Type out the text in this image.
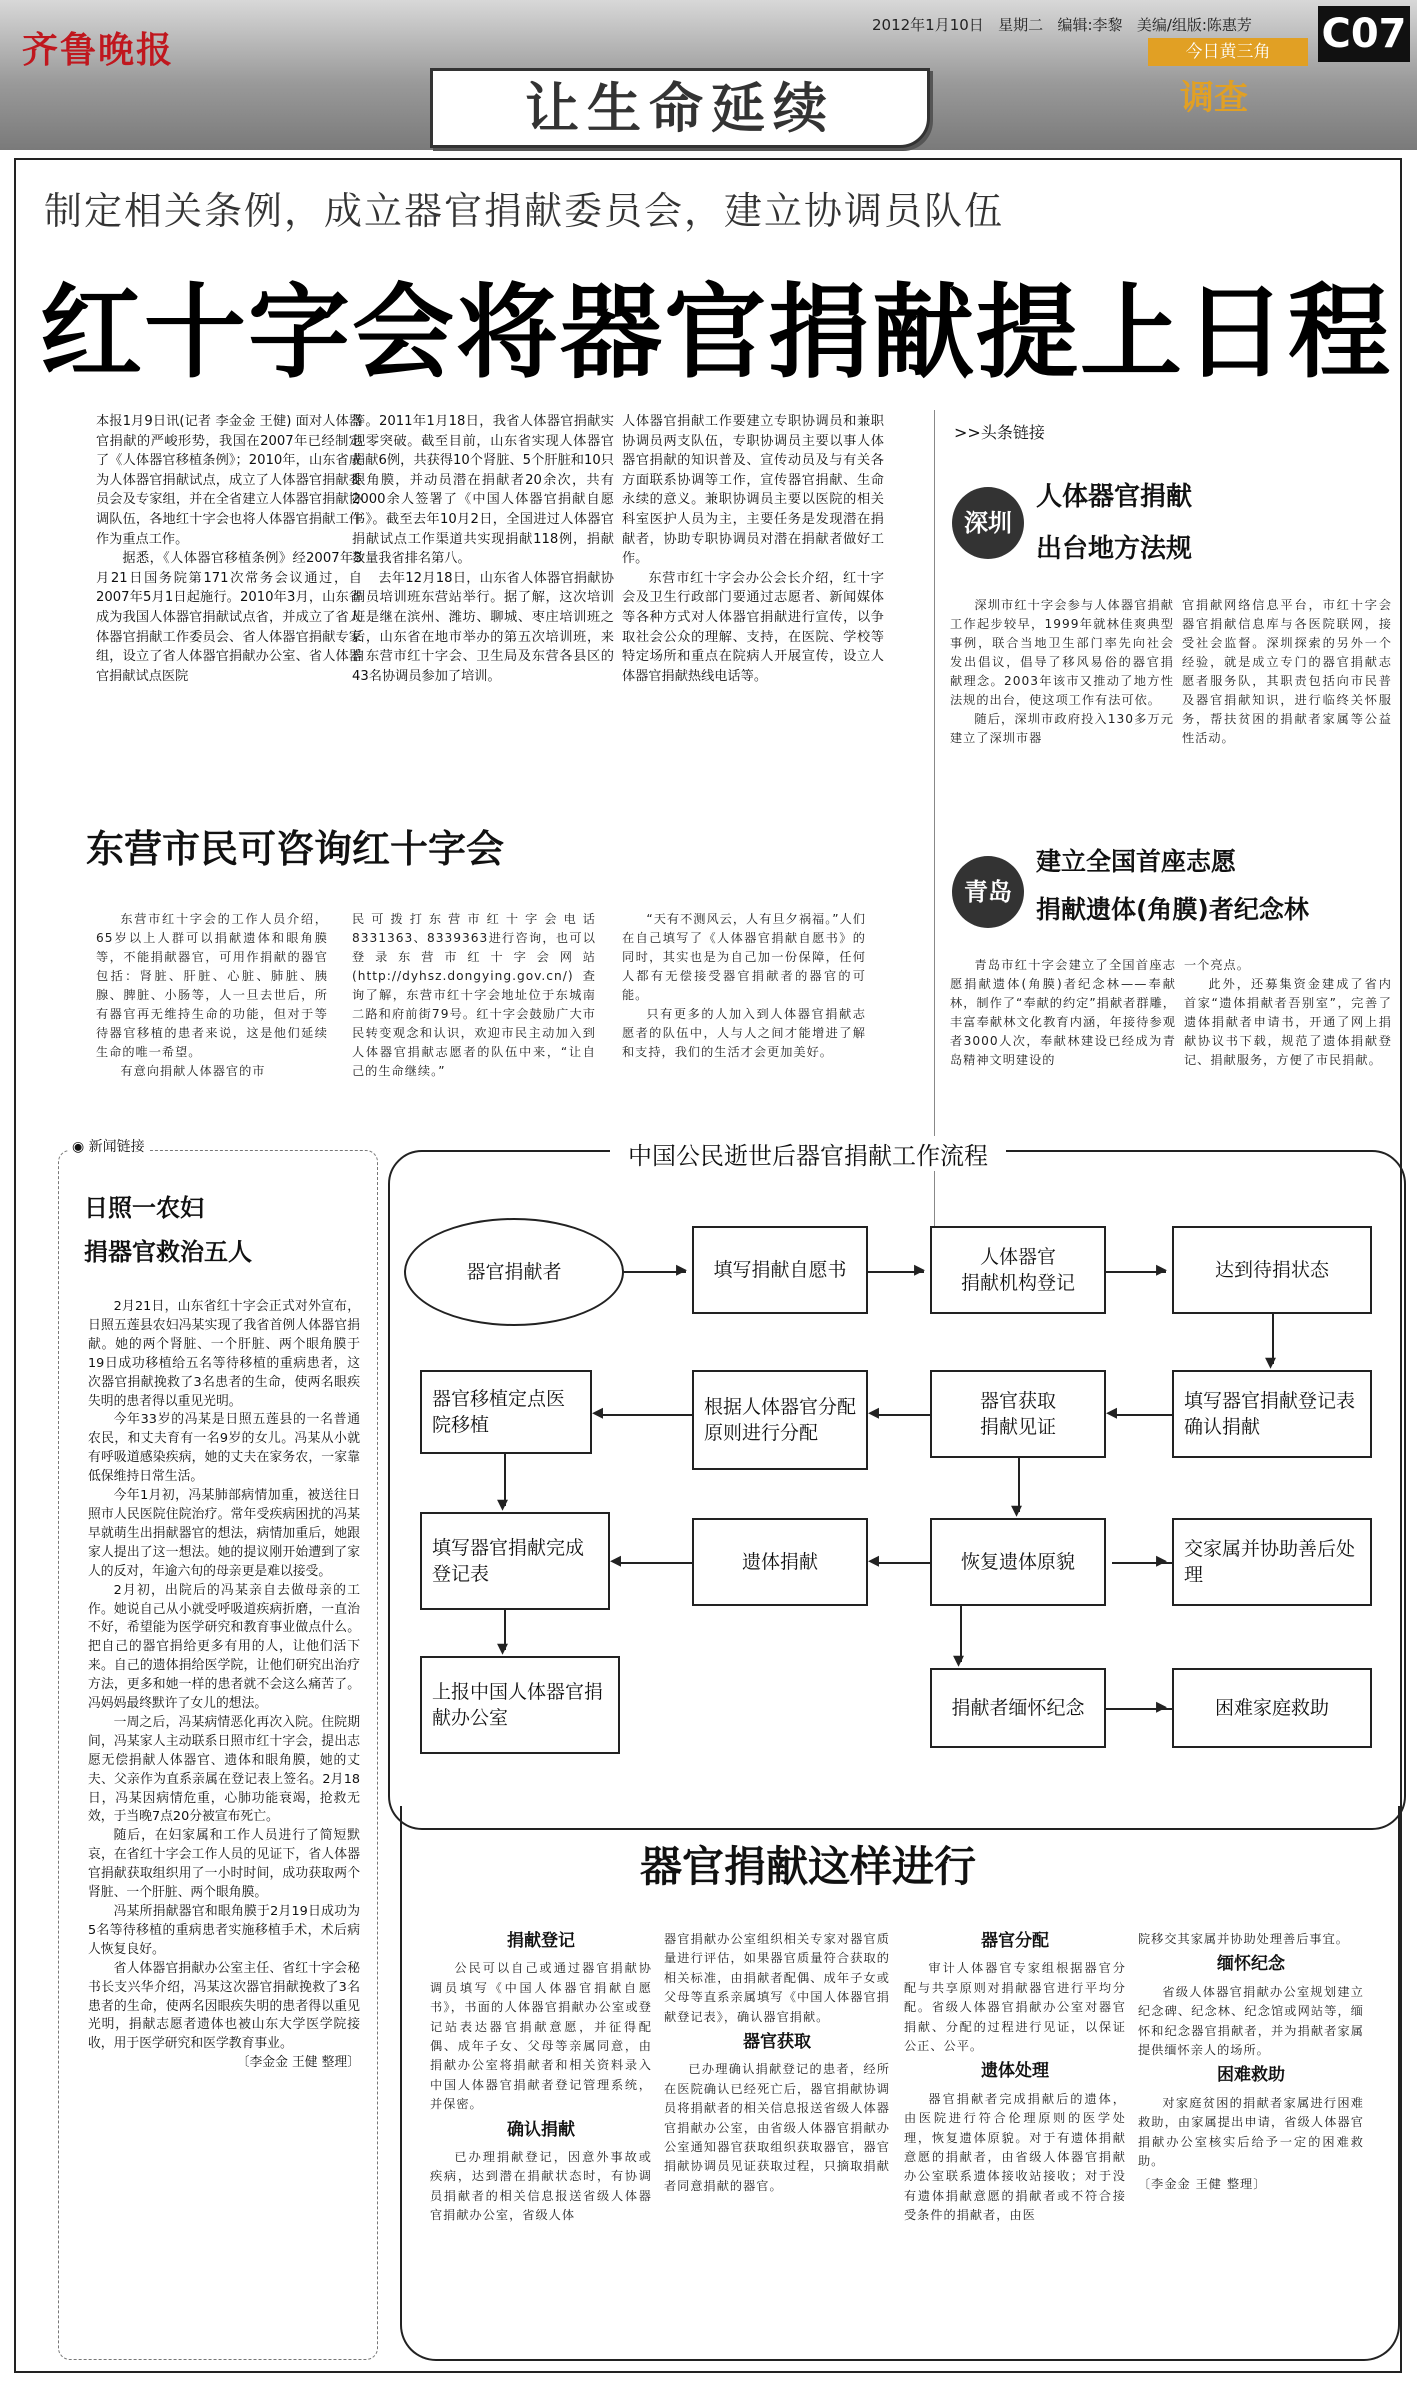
齐鲁晚报
让生命延续
2012年1月10日 星期二 编辑:李黎 美编/组版:陈惠芳
今日黄三角
调查
C07
制定相关条例，成立器官捐献委员会，建立协调员队伍
红十字会将器官捐献提上日程

本报1月9日讯(记者 李金金 王健) 面对人体器官捐献的严峻形势，我国在2007年已经制定了《人体器官移植条例》；2010年，山东省成为人体器官捐献试点，成立了人体器官捐献委员会及专家组，并在全省建立人体器官捐献协调队伍，各地红十字会也将人体器官捐献工作作为重点工作。

据悉，《人体器官移植条例》经2007年3月21日国务院第171次常务会议通过，自2007年5月1日起施行。2010年3月，山东省成为我国人体器官捐献试点省，并成立了省人体器官捐献工作委员会、省人体器官捐献专家组，设立了省人体器官捐献办公室、省人体器官捐献试点医院

等。2011年1月18日，我省人体器官捐献实现零突破。截至目前，山东省实现人体器官捐献6例，共获得10个肾脏、5个肝脏和10只眼角膜，并动员潜在捐献者20余次，共有2000余人签署了《中国人体器官捐献自愿书》。截至去年10月2日，全国进过人体器官捐献试点工作渠道共实现捐献118例，捐献数量我省排名第八。

去年12月18日，山东省人体器官捐献协调员培训班东营站举行。据了解，这次培训班是继在滨州、潍坊、聊城、枣庄培训班之后，山东省在地市举办的第五次培训班，来自东营市红十字会、卫生局及东营各县区的43名协调员参加了培训。

人体器官捐献工作要建立专职协调员和兼职协调员两支队伍，专职协调员主要以事人体器官捐献的知识普及、宣传动员及与有关各方面联系协调等工作，宣传器官捐献、生命永续的意义。兼职协调员主要以医院的相关科室医护人员为主，主要任务是发现潜在捐献者，协助专职协调员对潜在捐献者做好工作。

东营市红十字会办公会长介绍，红十字会及卫生行政部门要通过志愿者、新闻媒体等各种方式对人体器官捐献进行宣传，以争取社会公众的理解、支持，在医院、学校等特定场所和重点在院病人开展宣传，设立人体器官捐献热线电话等。

东营市民可咨询红十字会

东营市红十字会的工作人员介绍，65岁以上人群可以捐献遗体和眼角膜等，不能捐献器官，可用作捐献的器官包括：肾脏、肝脏、心脏、肺脏、胰腺、脾脏、小肠等，人一旦去世后，所有器官再无维持生命的功能，但对于等待器官移植的患者来说，这是他们延续生命的唯一希望。

有意向捐献人体器官的市

民可拨打东营市红十字会电话8331363、8339363进行咨询，也可以登录东营市红十字会网站(http://dyhsz.dongying.gov.cn/)查询了解，东营市红十字会地址位于东城南二路和府前街79号。红十字会鼓励广大市民转变观念和认识，欢迎市民主动加入到人体器官捐献志愿者的队伍中来，“让自己的生命继续。”

“天有不测风云，人有旦夕祸福。”人们在自己填写了《人体器官捐献自愿书》的同时，其实也是为自己加一份保障，任何人都有无偿接受器官捐献者的器官的可能。

只有更多的人加入到人体器官捐献志愿者的队伍中，人与人之间才能增进了解和支持，我们的生活才会更加美好。

>>头条链接
深圳
人体器官捐献
出台地方法规

深圳市红十字会参与人体器官捐献工作起步较早，1999年就林佳爽典型事例，联合当地卫生部门率先向社会发出倡议，倡导了移风易俗的器官捐献理念。2003年该市又推动了地方性法规的出台，使这项工作有法可依。

随后，深圳市政府投入130多万元建立了深圳市器

官捐献网络信息平台，市红十字会器官捐献信息库与各医院联网，接受社会监督。深圳探索的另外一个经验，就是成立专门的器官捐献志愿者服务队，其职责包括向市民普及器官捐献知识，进行临终关怀服务，帮扶贫困的捐献者家属等公益性活动。

青岛
建立全国首座志愿
捐献遗体(角膜)者纪念林

青岛市红十字会建立了全国首座志愿捐献遗体(角膜)者纪念林——奉献林，制作了“奉献的约定”捐献者群雕，丰富奉献林文化教育内涵，年接待参观者3000人次，奉献林建设已经成为青岛精神文明建设的

一个亮点。

此外，还募集资金建成了省内首家“遗体捐献者吾别室”，完善了遗体捐献者申请书，开通了网上捐献协议书下载，规范了遗体捐献登记、捐献服务，方便了市民捐献。

◉ 新闻链接
日照一农妇
捐器官救治五人

2月21日，山东省红十字会正式对外宣布，日照五莲县农妇冯某实现了我省首例人体器官捐献。她的两个肾脏、一个肝脏、两个眼角膜于19日成功移植给五名等待移植的重病患者，这次器官捐献挽救了3名患者的生命，使两名眼疾失明的患者得以重见光明。

今年33岁的冯某是日照五莲县的一名普通农民，和丈夫育有一名9岁的女儿。冯某从小就有呼吸道感染疾病，她的丈夫在家务农，一家靠低保维持日常生活。

今年1月初，冯某肺部病情加重，被送往日照市人民医院住院治疗。常年受疾病困扰的冯某早就萌生出捐献器官的想法，病情加重后，她跟家人提出了这一想法。她的提议刚开始遭到了家人的反对，年逾六旬的母亲更是难以接受。

2月初，出院后的冯某亲自去做母亲的工作。她说自己从小就受呼吸道疾病折磨，一直治不好，希望能为医学研究和教育事业做点什么。把自己的器官捐给更多有用的人，让他们活下来。自己的遗体捐给医学院，让他们研究出治疗方法，更多和她一样的患者就不会这么痛苦了。冯妈妈最终默许了女儿的想法。

一周之后，冯某病情恶化再次入院。住院期间，冯某家人主动联系日照市红十字会，提出志愿无偿捐献人体器官、遗体和眼角膜，她的丈夫、父亲作为直系亲属在登记表上签名。2月18日，冯某因病情危重，心肺功能衰竭，抢救无效，于当晚7点20分被宣布死亡。

随后，在妇家属和工作人员进行了简短默哀，在省红十字会工作人员的见证下，省人体器官捐献获取组织用了一小时时间，成功获取两个肾脏、一个肝脏、两个眼角膜。

冯某所捐献器官和眼角膜于2月19日成功为5名等待移植的重病患者实施移植手术，术后病人恢复良好。

省人体器官捐献办公室主任、省红十字会秘书长支兴华介绍，冯某这次器官捐献挽救了3名患者的生命，使两名因眼疾失明的患者得以重见光明，捐献志愿者遗体也被山东大学医学院接收，用于医学研究和医学教育事业。

〔李金金 王健 整理〕

中国公民逝世后器官捐献工作流程
器官捐献者	填写捐献自愿书
人体器官
捐献机构登记
达到待捐状态
器官移植定点医院移植
根据人体器官分配原则进行分配
器官获取
捐献见证
填写器官捐献登记表确认捐献
填写器官捐献完成登记表
遗体捐献	恢复遗体原貌
交家属并协助善后处理
上报中国人体器官捐献办公室	捐献者缅怀纪念	困难家庭救助
▸	▸	▸
▾
◂
◂
◂
▾
▸
◂
◂
▾
▾	▾
▸
器官捐献这样进行

捐献登记

公民可以自己或通过器官捐献协调员填写《中国人体器官捐献自愿书》，书面的人体器官捐献办公室或登记站表达器官捐献意愿，并征得配偶、成年子女、父母等亲属同意，由捐献办公室将捐献者和相关资料录入中国人体器官捐献者登记管理系统，并保密。

确认捐献

已办理捐献登记，因意外事故或疾病，达到潜在捐献状态时，有协调员捐献者的相关信息报送省级人体器官捐献办公室，省级人体

器官捐献办公室组织相关专家对器官质量进行评估，如果器官质量符合获取的相关标准，由捐献者配偶、成年子女或父母等直系亲属填写《中国人体器官捐献登记表》，确认器官捐献。

器官获取

已办理确认捐献登记的患者，经所在医院确认已经死亡后，器官捐献协调员将捐献者的相关信息报送省级人体器官捐献办公室，由省级人体器官捐献办公室通知器官获取组织获取器官，器官捐献协调员见证获取过程，只摘取捐献者同意捐献的器官。

器官分配

审计人体器官专家组根据器官分配与共享原则对捐献器官进行平均分配。省级人体器官捐献办公室对器官捐献、分配的过程进行见证，以保证公正、公平。

遗体处理

器官捐献者完成捐献后的遗体，由医院进行符合伦理原则的医学处理，恢复遗体原貌。对于有遗体捐献意愿的捐献者，由省级人体器官捐献办公室联系遗体接收站接收；对于没有遗体捐献意愿的捐献者或不符合接受条件的捐献者，由医

院移交其家属并协助处理善后事宜。

缅怀纪念

省级人体器官捐献办公室规划建立纪念碑、纪念林、纪念馆或网站等，缅怀和纪念器官捐献者，并为捐献者家属提供缅怀亲人的场所。

困难救助

对家庭贫困的捐献者家属进行困难救助，由家属提出申请，省级人体器官捐献办公室核实后给予一定的困难救助。

〔李金金 王健 整理〕
